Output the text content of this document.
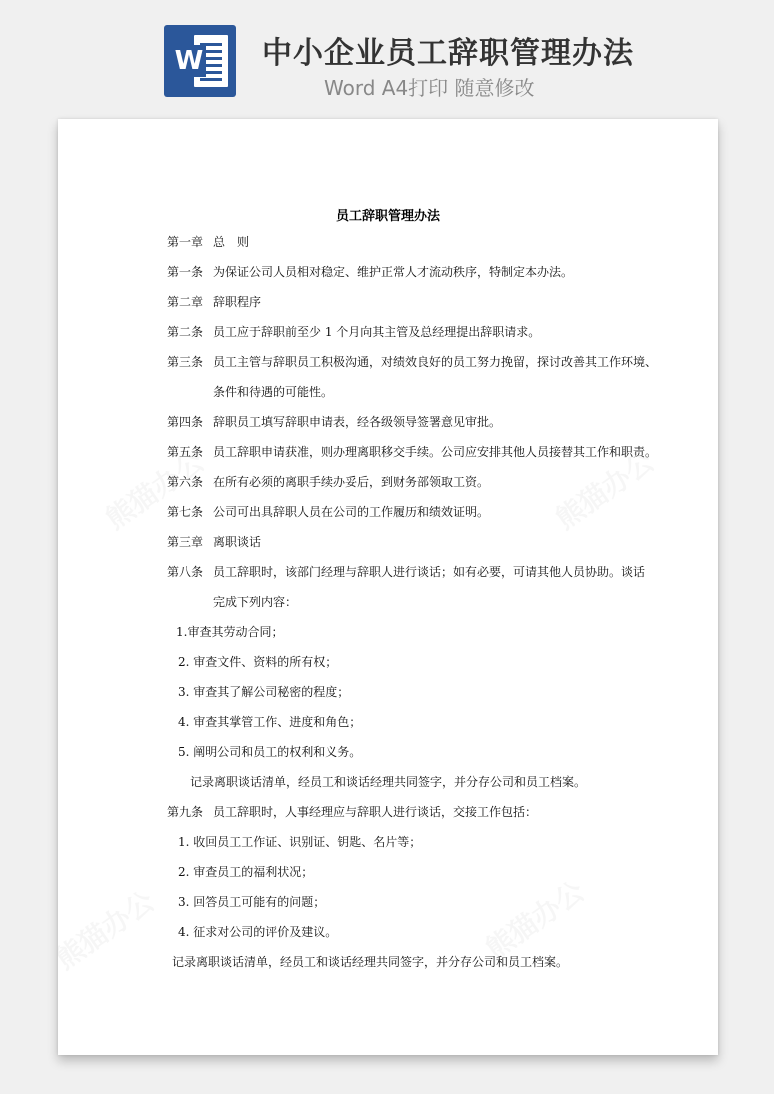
W 中小企业员工辞职管理办法
Word A4打印 随意修改
员工辞职管理办法
第一章 总　则
第一条 为保证公司人员相对稳定、维护正常人才流动秩序，特制定本办法。
第二章 辞职程序
第二条 员工应于辞职前至少 1 个月向其主管及总经理提出辞职请求。
第三条 员工主管与辞职员工积极沟通，对绩效良好的员工努力挽留，探讨改善其工作环境、
条件和待遇的可能性。
第四条 辞职员工填写辞职申请表，经各级领导签署意见审批。
第五条 员工辞职申请获准，则办理离职移交手续。公司应安排其他人员接替其工作和职责。
第六条 在所有必须的离职手续办妥后，到财务部领取工资。
第七条 公司可出具辞职人员在公司的工作履历和绩效证明。
第三章 离职谈话
第八条 员工辞职时，该部门经理与辞职人进行谈话；如有必要，可请其他人员协助。谈话
完成下列内容：
1.审查其劳动合同；
2. 审查文件、资料的所有权；
3. 审查其了解公司秘密的程度；
4. 审查其掌管工作、进度和角色；
5. 阐明公司和员工的权利和义务。
记录离职谈话清单，经员工和谈话经理共同签字，并分存公司和员工档案。
第九条 员工辞职时，人事经理应与辞职人进行谈话，交接工作包括：
1. 收回员工工作证、识别证、钥匙、名片等；
2. 审查员工的福利状况；
3. 回答员工可能有的问题；
4. 征求对公司的评价及建议。
记录离职谈话清单，经员工和谈话经理共同签字，并分存公司和员工档案。
